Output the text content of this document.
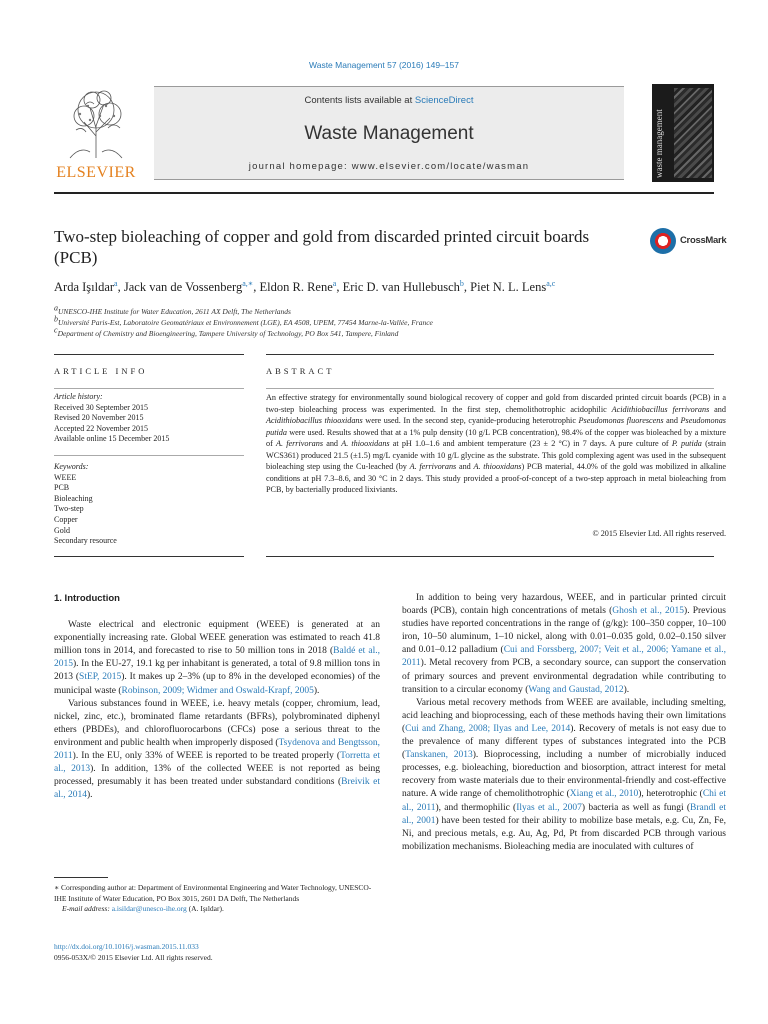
Waste Management 57 (2016) 149–157
ELSEVIER
Contents lists available at ScienceDirect
Waste Management
journal homepage: www.elsevier.com/locate/wasman	waste management
Two-step bioleaching of copper and gold from discarded printed circuit boards (PCB)
CrossMark
Arda Işıldar$^a$, Jack van de Vossenberg$^{a,∗}$, Eldon R. Rene$^a$, Eric D. van Hullebusch$^b$, Piet N. L. Lens$^{a,c}$
$^a$UNESCO-IHE Institute for Water Education, 2611 AX Delft, The Netherlands
$^b$Université Paris-Est, Laboratoire Geomatériaux et Environnement (LGE), EA 4508, UPEM, 77454 Marne-la-Vallée, France
$^c$Department of Chemistry and Bioengineering, Tampere University of Technology, PO Box 541, Tampere, Finland
ARTICLE INFO	ABSTRACT
Article history:
Received 30 September 2015
Revised 20 November 2015
Accepted 22 November 2015
Available online 15 December 2015
Keywords:
WEEE
PCB
Bioleaching
Two-step
Copper
Gold
Secondary resource
An effective strategy for environmentally sound biological recovery of copper and gold from discarded printed circuit boards (PCB) in a two-step bioleaching process was experimented. In the first step, chemolithotrophic acidophilic Acidithiobacillus ferrivorans and Acidithiobacillus thiooxidans were used. In the second step, cyanide-producing heterotrophic Pseudomonas fluorescens and Pseudomonas putida were used. Results showed that at a 1% pulp density (10 g/L PCB concentration), 98.4% of the copper was bioleached by a mixture of A. ferrivorans and A. thiooxidans at pH 1.0–1.6 and ambient temperature (23 ± 2 °C) in 7 days. A pure culture of P. putida (strain WCS361) produced 21.5 (±1.5) mg/L cyanide with 10 g/L glycine as the substrate. This gold complexing agent was used in the subsequent bioleaching step using the Cu-leached (by A. ferrivorans and A. thiooxidans) PCB material, 44.0% of the gold was mobilized in alkaline conditions at pH 7.3–8.6, and 30 °C in 2 days. This study provided a proof-of-concept of a two-step approach in metal bioleaching from PCB, by bacterially produced lixiviants.
© 2015 Elsevier Ltd. All rights reserved.
1. Introduction

Waste electrical and electronic equipment (WEEE) is generated at an exponentially increasing rate. Global WEEE generation was estimated to reach 41.8 million tons in 2014, and forecasted to rise to 50 million tons in 2018 (Baldé et al., 2015). In the EU-27, 19.1 kg per inhabitant is generated, a total of 9.8 million tons in 2013 (StEP, 2015). It makes up 2–3% (up to 8% in the developed economies) of the municipal waste (Robinson, 2009; Widmer and Oswald-Krapf, 2005).

Various substances found in WEEE, i.e. heavy metals (copper, chromium, lead, nickel, zinc, etc.), brominated flame retardants (BFRs), polybrominated diphenyl ethers (PBDEs), and chlorofluorocarbons (CFCs) pose a serious threat to the environment and public health when improperly disposed (Tsydenova and Bengtsson, 2011). In the EU, only 33% of WEEE is reported to be treated properly (Torretta et al., 2013). In addition, 13% of the collected WEEE is not reported as being processed, presumably it has been treated under substandard conditions (Breivik et al., 2014).

In addition to being very hazardous, WEEE, and in particular printed circuit boards (PCB), contain high concentrations of metals (Ghosh et al., 2015). Previous studies have reported concentrations in the range of (g/kg): 100–350 copper, 10–100 iron, 10–50 aluminum, 1–10 nickel, along with 0.01–0.035 gold, 0.02–0.150 silver and 0.01–0.12 palladium (Cui and Forssberg, 2007; Veit et al., 2006; Yamane et al., 2011). Metal recovery from PCB, a secondary source, can support the conservation of primary sources and prevent environmental degradation while contributing to transition to a circular economy (Wang and Gaustad, 2012).

Various metal recovery methods from WEEE are available, including smelting, acid leaching and bioprocessing, each of these methods having their own limitations (Cui and Zhang, 2008; Ilyas and Lee, 2014). Recovery of metals is not easy due to the prevalence of many different types of substances integrated into the PCB (Tanskanen, 2013). Bioprocessing, including a number of microbially induced processes, e.g. bioleaching, bioreduction and biosorption, attract interest for metal recovery from waste materials due to their environmental-friendly and cost-effective nature. A wide range of chemolithotrophic (Xiang et al., 2010), heterotrophic (Chi et al., 2011), and thermophilic (Ilyas et al., 2007) bacteria as well as fungi (Brandl et al., 2001) have been tested for their ability to mobilize base metals, e.g. Cu, Zn, Fe, Ni, and precious metals, e.g. Au, Ag, Pd, Pt from discarded PCB through various mobilization mechanisms. Bioleaching media are inoculated with cultures of

∗ Corresponding author at: Department of Environmental Engineering and Water Technology, UNESCO-IHE Institute of Water Education, PO Box 3015, 2601 DA Delft, The Netherlands
E-mail address: a.isildar@unesco-ihe.org (A. Işıldar).
http://dx.doi.org/10.1016/j.wasman.2015.11.033
0956-053X/© 2015 Elsevier Ltd. All rights reserved.
